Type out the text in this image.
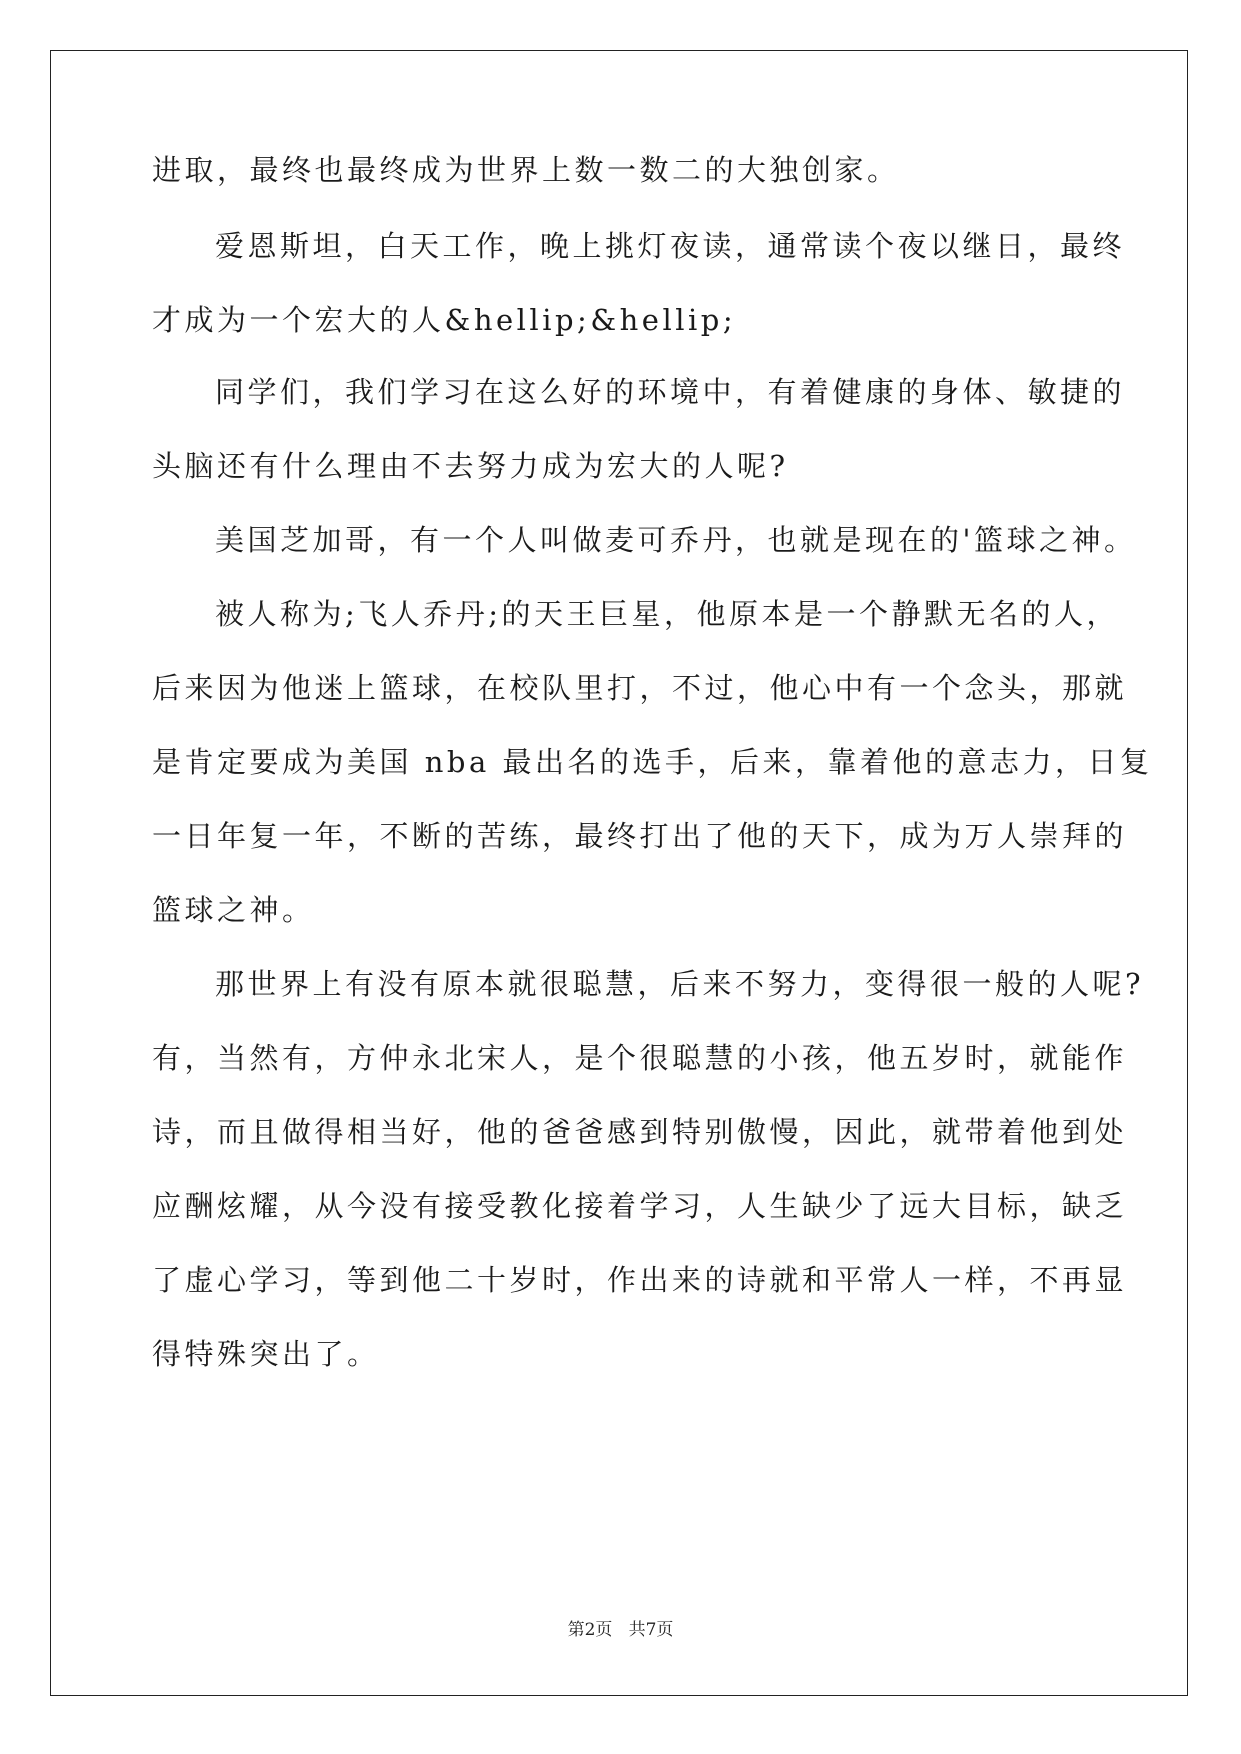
进取，最终也最终成为世界上数一数二的大独创家。
爱恩斯坦，白天工作，晚上挑灯夜读，通常读个夜以继日，最终
才成为一个宏大的人&hellip;&hellip;
同学们，我们学习在这么好的环境中，有着健康的身体、敏捷的
头脑还有什么理由不去努力成为宏大的人呢?
美国芝加哥，有一个人叫做麦可乔丹，也就是现在的'篮球之神。
被人称为;飞人乔丹;的天王巨星，他原本是一个静默无名的人，
后来因为他迷上篮球，在校队里打，不过，他心中有一个念头，那就
是肯定要成为美国 nba 最出名的选手，后来，靠着他的意志力，日复
一日年复一年，不断的苦练，最终打出了他的天下，成为万人崇拜的
篮球之神。
那世界上有没有原本就很聪慧，后来不努力，变得很一般的人呢?
有，当然有，方仲永北宋人，是个很聪慧的小孩，他五岁时，就能作
诗，而且做得相当好，他的爸爸感到特别傲慢，因此，就带着他到处
应酬炫耀，从今没有接受教化接着学习，人生缺少了远大目标，缺乏
了虚心学习，等到他二十岁时，作出来的诗就和平常人一样，不再显
得特殊突出了。
第2页   共7页
